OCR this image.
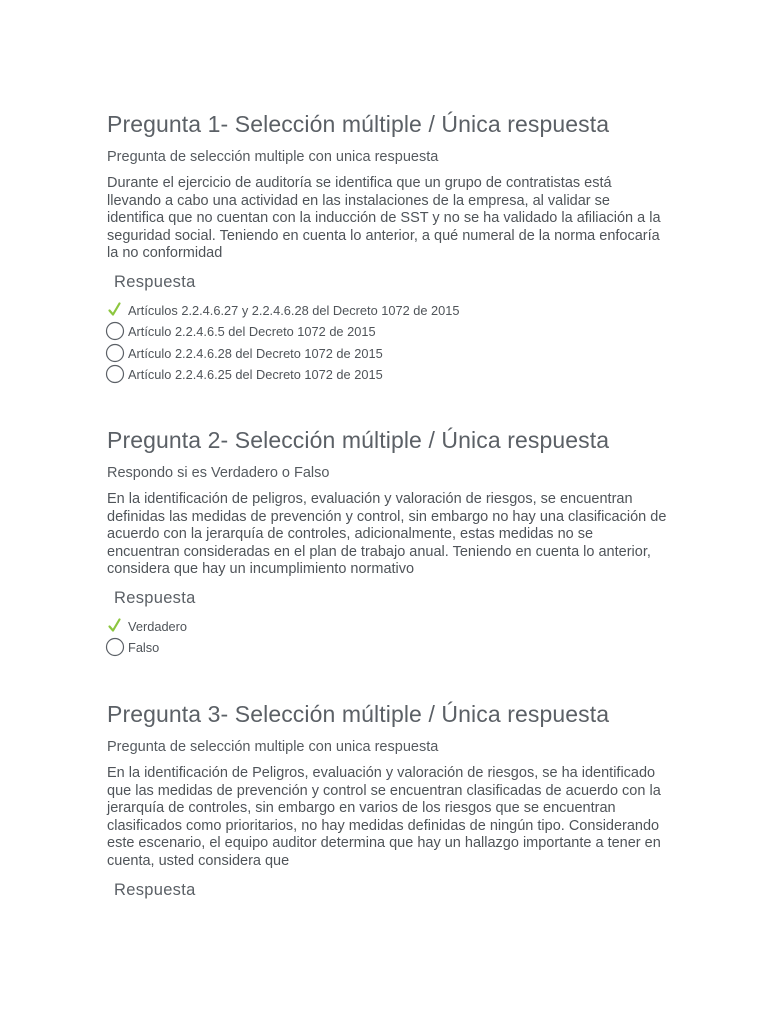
Pregunta 1- Selección múltiple / Única respuesta
Pregunta de selección multiple con unica respuesta
Durante el ejercicio de auditoría se identifica que un grupo de contratistas está llevando a cabo una actividad en las instalaciones de la empresa, al validar se identifica que no cuentan con la inducción de SST y no se ha validado la afiliación a la seguridad social. Teniendo en cuenta lo anterior, a qué numeral de la norma enfocaría la no conformidad
Respuesta
Artículos 2.2.4.6.27 y 2.2.4.6.28 del Decreto 1072 de 2015
Artículo 2.2.4.6.5 del Decreto 1072 de 2015
Artículo 2.2.4.6.28 del Decreto 1072 de 2015
Artículo 2.2.4.6.25 del Decreto 1072 de 2015
Pregunta 2- Selección múltiple / Única respuesta
Respondo si es Verdadero o Falso
En la identificación de peligros, evaluación y valoración de riesgos, se encuentran definidas las medidas de prevención y control, sin embargo no hay una clasificación de acuerdo con la jerarquía de controles, adicionalmente, estas medidas no se encuentran consideradas en el plan de trabajo anual. Teniendo en cuenta lo anterior, considera que hay un incumplimiento normativo
Respuesta
Verdadero
Falso
Pregunta 3- Selección múltiple / Única respuesta
Pregunta de selección multiple con unica respuesta
En la identificación de Peligros, evaluación y valoración de riesgos, se ha identificado que las medidas de prevención y control se encuentran clasificadas de acuerdo con la jerarquía de controles, sin embargo en varios de los riesgos que se encuentran clasificados como prioritarios, no hay medidas definidas de ningún tipo. Considerando este escenario, el equipo auditor determina que hay un hallazgo importante a tener en cuenta, usted considera que
Respuesta
